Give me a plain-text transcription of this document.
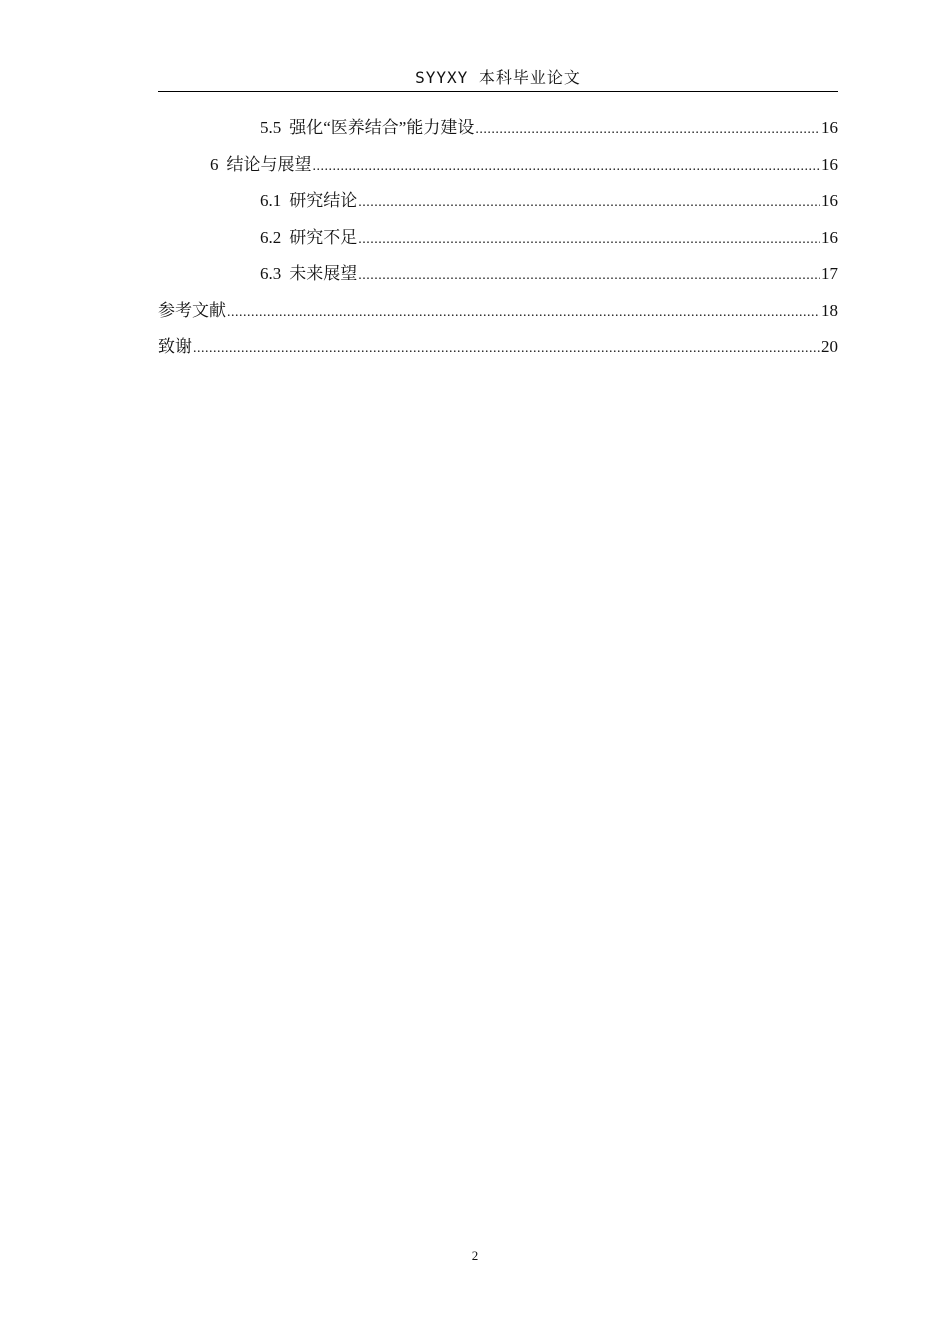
SYYXY 本科毕业论文
5.5 强化“医养结合”能力建设 .....	16
6 结论与展望 .....	16
6.1 研究结论 .....	16
6.2 研究不足 .....	16
6.3 未来展望 .....	17
参考文献 .....	18
致谢 .....	20
2
